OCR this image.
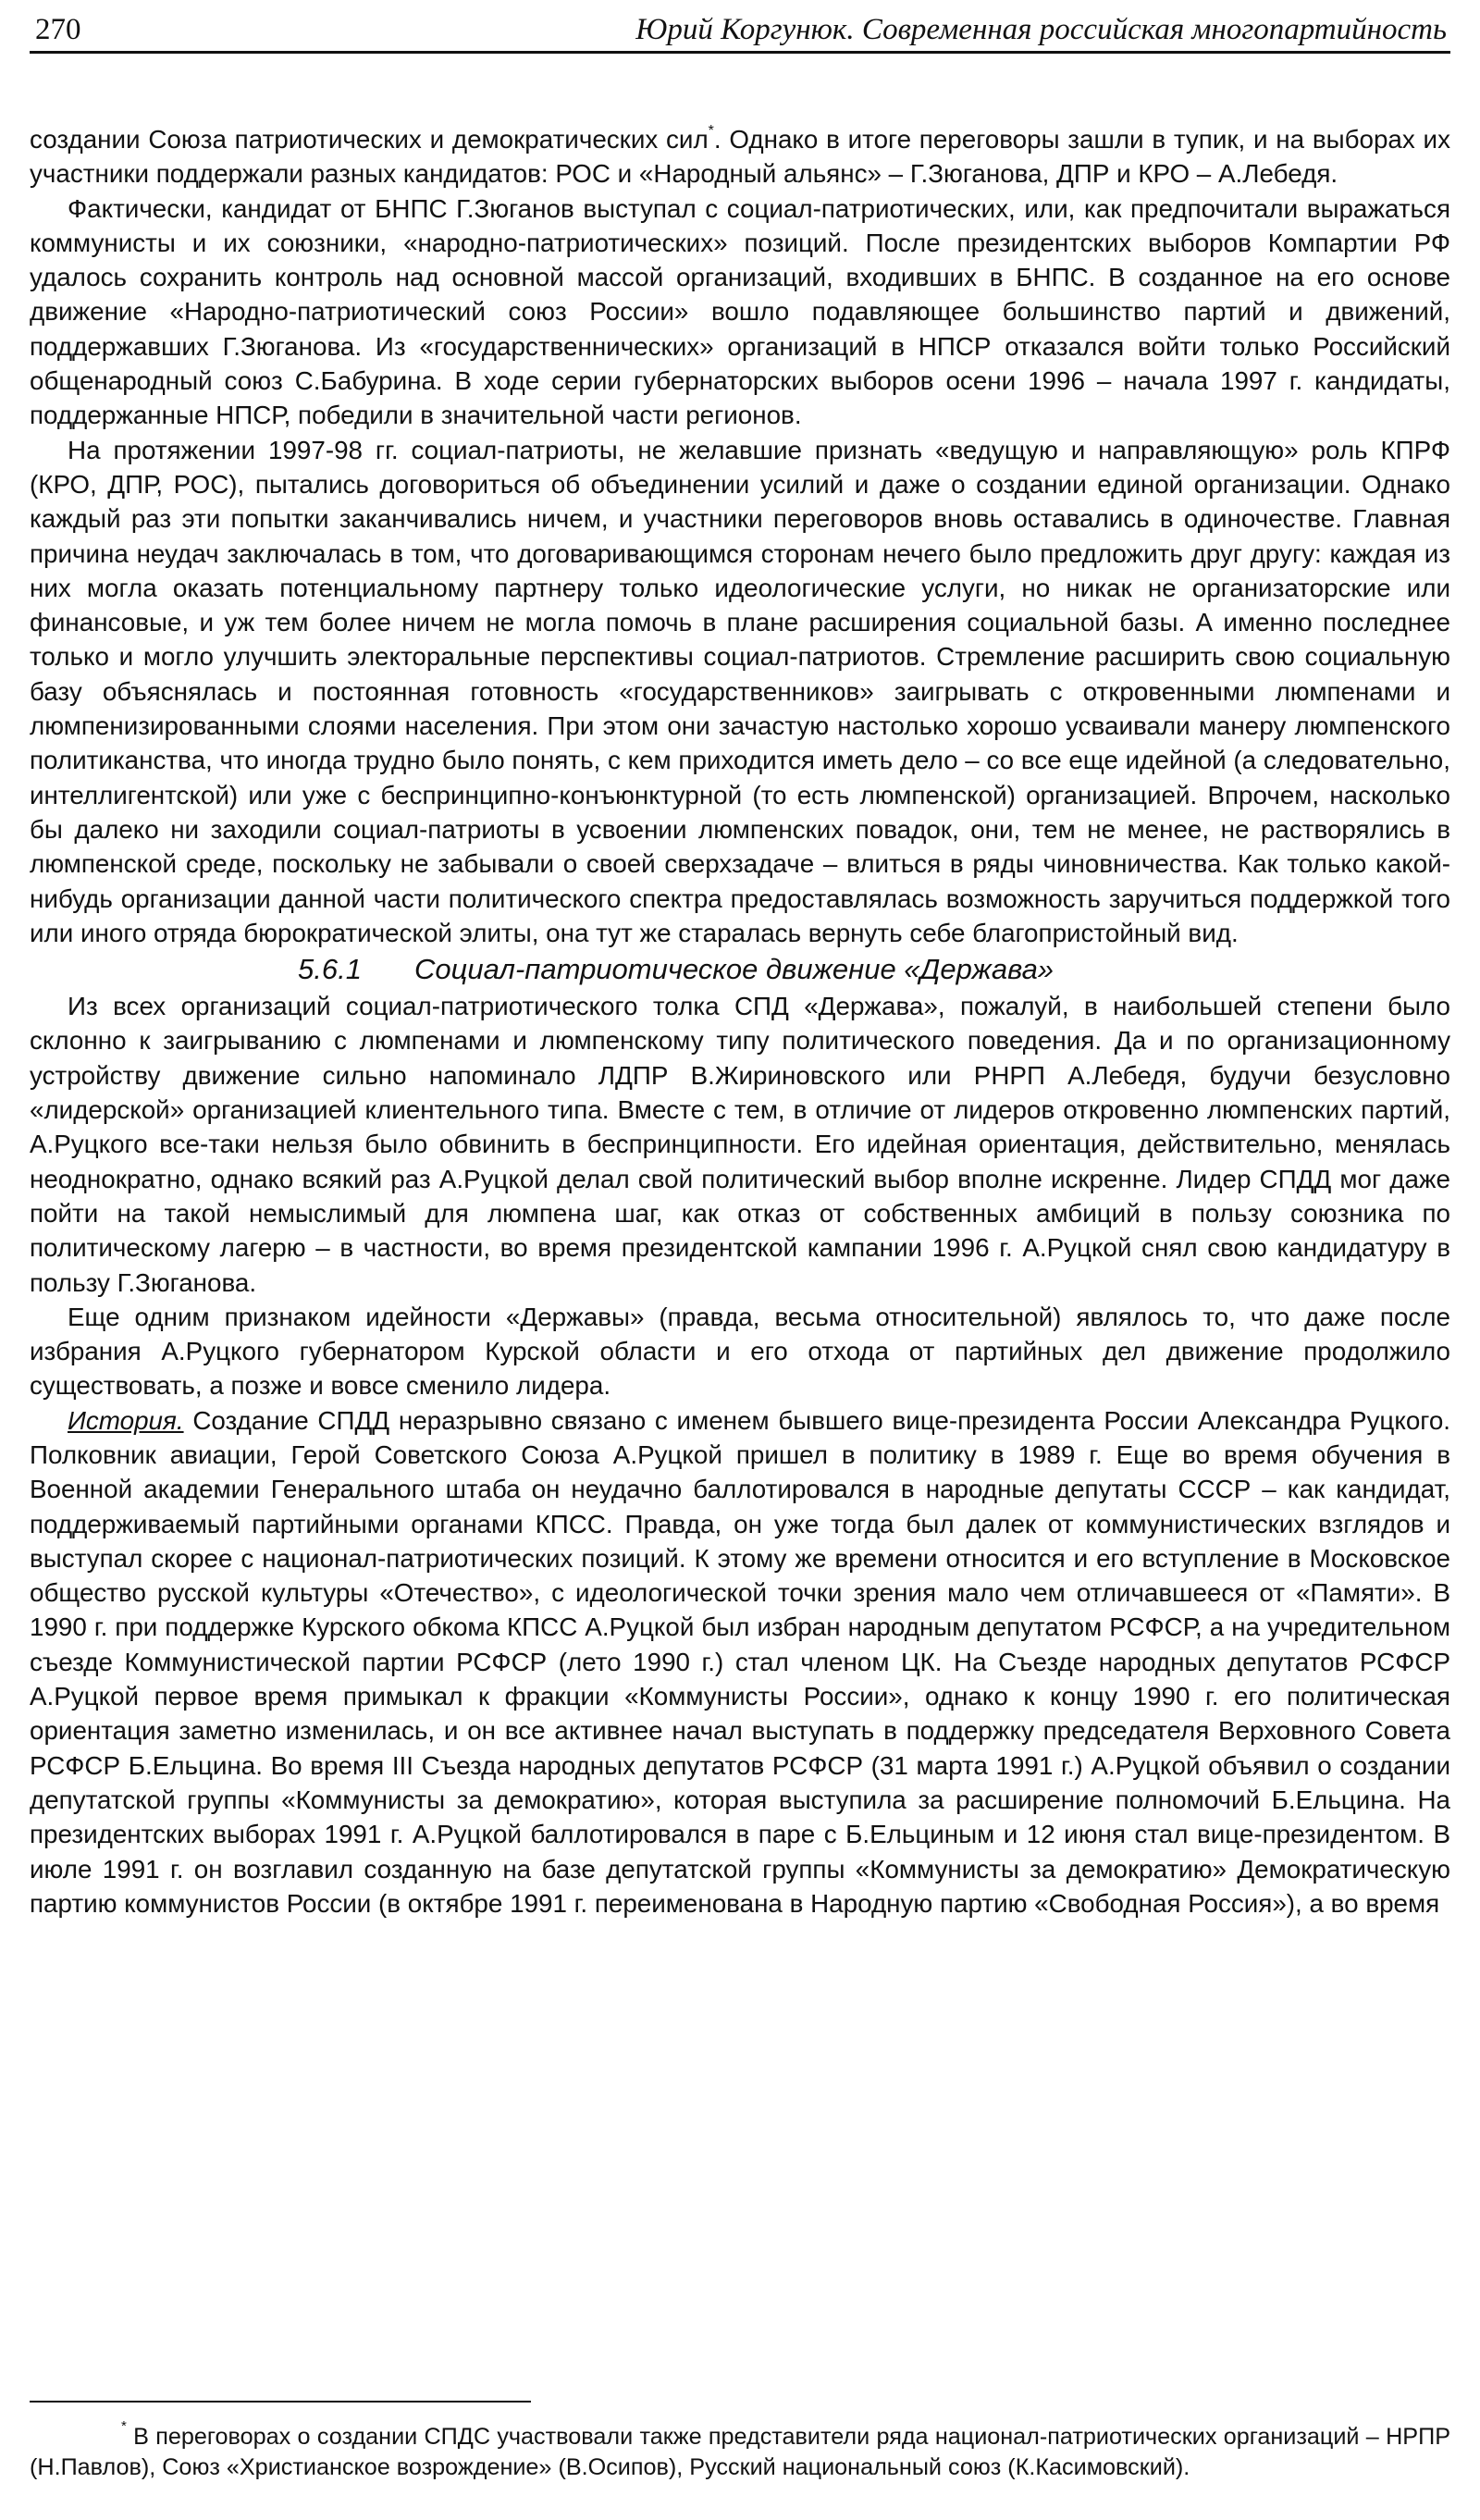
270	Юрий Коргунюк. Современная российская многопартийность

создании Союза патриотических и демократических сил*. Однако в итоге переговоры зашли в тупик, и на выборах их участники поддержали разных кандидатов: РОС и «Народный альянс» – Г.Зюганова, ДПР и КРО – А.Лебедя.

Фактически, кандидат от БНПС Г.Зюганов выступал с социал-патриотических, или, как предпочитали выражаться коммунисты и их союзники, «народно-патриотических» позиций. После президентских выборов Компартии РФ удалось сохранить контроль над основной массой организаций, входивших в БНПС. В созданное на его основе движение «Народно-патриотический союз России» вошло подавляющее большинство партий и движений, поддержавших Г.Зюганова. Из «государственнических» организаций в НПСР отказался войти только Российский общенародный союз С.Бабурина. В ходе серии губернаторских выборов осени 1996 – начала 1997 г. кандидаты, поддержанные НПСР, победили в значительной части регионов.

На протяжении 1997-98 гг. социал-патриоты, не желавшие признать «ведущую и направляющую» роль КПРФ (КРО, ДПР, РОС), пытались договориться об объединении усилий и даже о создании единой организации. Однако каждый раз эти попытки заканчивались ничем, и участники переговоров вновь оставались в одиночестве. Главная причина неудач заключалась в том, что договаривающимся сторонам нечего было предложить друг другу: каждая из них могла оказать потенциальному партнеру только идеологические услуги, но никак не организаторские или финансовые, и уж тем более ничем не могла помочь в плане расширения социальной базы. А именно последнее только и могло улучшить электоральные перспективы социал-патриотов. Стремление расширить свою социальную базу объяснялась и постоянная готовность «государственников» заигрывать с откровенными люмпенами и люмпенизированными слоями населения. При этом они зачастую настолько хорошо усваивали манеру люмпенского политиканства, что иногда трудно было понять, с кем приходится иметь дело – со все еще идейной (а следовательно, интеллигентской) или уже с беспринципно-конъюнктурной (то есть люмпенской) организацией. Впрочем, насколько бы далеко ни заходили социал-патриоты в усвоении люмпенских повадок, они, тем не менее, не растворялись в люмпенской среде, поскольку не забывали о своей сверхзадаче – влиться в ряды чиновничества. Как только какой-нибудь организации данной части политического спектра предоставлялась возможность заручиться поддержкой того или иного отряда бюрократической элиты, она тут же старалась вернуть себе благопристойный вид.

5.6.1 Социал-патриотическое движение «Держава»

Из всех организаций социал-патриотического толка СПД «Держава», пожалуй, в наибольшей степени было склонно к заигрыванию с люмпенами и люмпенскому типу политического поведения. Да и по организационному устройству движение сильно напоминало ЛДПР В.Жириновского или РНРП А.Лебедя, будучи безусловно «лидерской» организацией клиентельного типа. Вместе с тем, в отличие от лидеров откровенно люмпенских партий, А.Руцкого все-таки нельзя было обвинить в беспринципности. Его идейная ориентация, действительно, менялась неоднократно, однако всякий раз А.Руцкой делал свой политический выбор вполне искренне. Лидер СПДД мог даже пойти на такой немыслимый для люмпена шаг, как отказ от собственных амбиций в пользу союзника по политическому лагерю – в частности, во время президентской кампании 1996 г. А.Руцкой снял свою кандидатуру в пользу Г.Зюганова.

Еще одним признаком идейности «Державы» (правда, весьма относительной) являлось то, что даже после избрания А.Руцкого губернатором Курской области и его отхода от партийных дел движение продолжило существовать, а позже и вовсе сменило лидера.

История. Создание СПДД неразрывно связано с именем бывшего вице-президента России Александра Руцкого. Полковник авиации, Герой Советского Союза А.Руцкой пришел в политику в 1989 г. Еще во время обучения в Военной академии Генерального штаба он неудачно баллотировался в народные депутаты СССР – как кандидат, поддерживаемый партийными органами КПСС. Правда, он уже тогда был далек от коммунистических взглядов и выступал скорее с национал-патриотических позиций. К этому же времени относится и его вступление в Московское общество русской культуры «Отечество», с идеологической точки зрения мало чем отличавшееся от «Памяти». В 1990 г. при поддержке Курского обкома КПСС А.Руцкой был избран народным депутатом РСФСР, а на учредительном съезде Коммунистической партии РСФСР (лето 1990 г.) стал членом ЦК. На Съезде народных депутатов РСФСР А.Руцкой первое время примыкал к фракции «Коммунисты России», однако к концу 1990 г. его политическая ориентация заметно изменилась, и он все активнее начал выступать в поддержку председателя Верховного Совета РСФСР Б.Ельцина. Во время III Съезда народных депутатов РСФСР (31 марта 1991 г.) А.Руцкой объявил о создании депутатской группы «Коммунисты за демократию», которая выступила за расширение полномочий Б.Ельцина. На президентских выборах 1991 г. А.Руцкой баллотировался в паре с Б.Ельциным и 12 июня стал вице-президентом. В июле 1991 г. он возглавил созданную на базе депутатской группы «Коммунисты за демократию» Демократическую партию коммунистов России (в октябре 1991 г. переименована в Народную партию «Свободная Россия»), а во время

* В переговорах о создании СПДС участвовали также представители ряда национал-патриотических организаций – НРПР (Н.Павлов), Союз «Христианское возрождение» (В.Осипов), Русский национальный союз (К.Касимовский).
